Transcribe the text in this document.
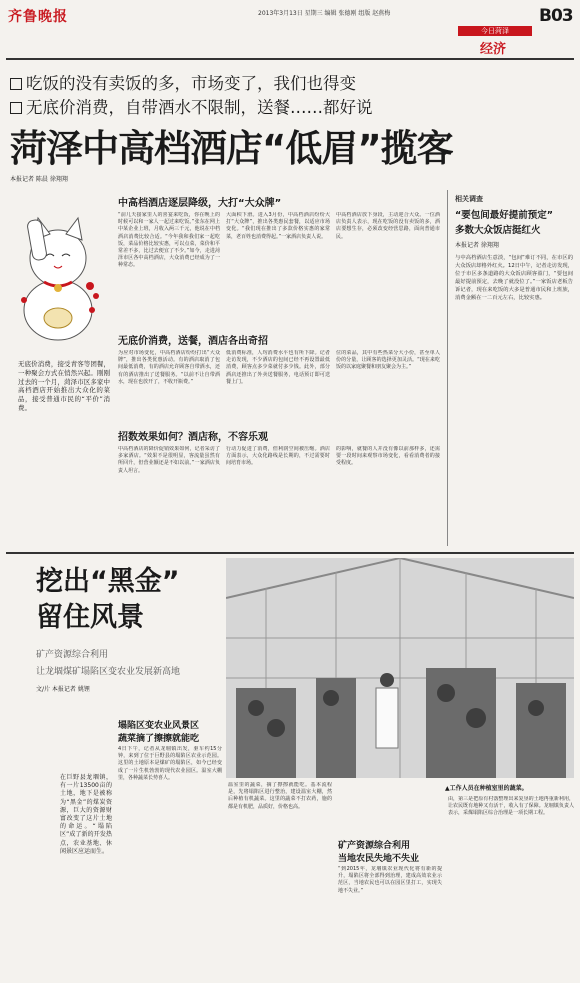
齐鲁晚报	2013年3月13日 星期三 编辑 张德刚 组版 赵燕梅	B03
今日菏泽
经济
吃饭的没有卖饭的多，市场变了，我们也得变
无底价消费，自带酒水不限制，送餐……都好说
菏泽中高档酒店“低眉”揽客
本报记者 陈晨 徐翔翔
无底价消费，接受青客等团餐，一种聚会方式在悄然兴起。刚刚过去的一个月，菏泽市区多家中高档酒店开始推出大众化的菜品，接受普通市民的“平价”消费。
中高档酒店逐层降级，大打“大众牌”
“前几天接家里人的喜宴来吃饭，你在晚上的时候可以和一家人一起过来吃饭。”张东在网上中某企业上班，月收入两三千元，他说在中档酒店消费比较合适。“今年我和我们家一起吃饭，菜品价格比较实惠，可以点菜，菜价和平常差不多，比过去便宜了不少。”如今，走进菏泽市区各中高档酒店，大众消费已经成为了一种常态。
大面积下滑。进入3月份，中高档酒店纷纷大打“大众牌”，推出各类惠民套餐，以适应市场变化。“我们现在推出了多款价格实惠的家常菜，老百姓也消费得起。”一家酒店负责人说。
中高档酒店放下身段，主动迎合大众。一位酒店负责人表示，现在吃饭的没有卖饭的多，酒店要想生存，必须改变经营思路，面向普通市民。
无底价消费，送餐，酒店各出奇招
为应对市场变化，中高档酒店纷纷打出“大众牌”，推出各类优惠活动。有的酒店取消了包间最低消费，有的酒店允许顾客自带酒水，还有的酒店推出了送餐服务。“以前不让自带酒水，现在也放开了，不收开瓶费。”
低消费标准，人均消费水平也有所下降。记者走访发现，不少酒店的包间已经不再设置最低消费，顾客点多少菜就付多少钱。此外，部分酒店还推出了外卖送餐服务，电话预订即可送餐上门。
位的菜品，其中有些热菜分大小份，甚至单人份的分量，让顾客的选择更加灵活。“现在来吃饭的以家庭聚餐和朋友聚会为主。”
招数效果如何？酒店称，不容乐观
中高档酒店的降价促销效果如何，记者采访了多家酒店。“效果不是很明显，客流量虽然有所回升，但营业额还是不如以前。”一家酒店负责人坦言。
行动力促进了消费，但利润空间被压缩。酒店方面表示，大众化路线是长期的，不过需要时间培育市场。
的影响，就餐的人并没有像以前那样多，还需要一段时间来观察市场变化，看看消费者的接受程度。
相关调查
“要包间最好提前预定”
多数大众饭店挺红火
本报记者 徐翔翔
与中高档酒店生意淡，“包间”难订不同，在市区的大众饭店却格外红火。12日中午，记者走访发现，位于市区多条道路的大众饭店顾客盈门，“要包间最好提前预定，去晚了就没位了。”一家饭店老板告诉记者，现在来吃饭的大多是普通市民和上班族，消费金额在一二百元左右，比较实惠。
挖出“黑金”
留住风景
矿产资源综合利用
让龙堌煤矿塌陷区变农业发展新高地
文/片 本报记者 姚锂
▲工作人员在种植室里的蔬菜。
在巨野县龙堌镇，有一片13500亩的土地，地下是被称为“黑金”的煤炭资源，巨大的资源财富改变了这片土地的命运。“塌陷区”成了新的开发热点，农业基地、休闲景区应运而生。
塌陷区变农业风景区
蔬菜摘了擦擦就能吃
4日下午，记者从龙堌镇出发，驱车约15分钟，来到了位于巨野县的塌陷区农业示范园。这里的土地原本是煤矿的塌陷区，如今已经变成了一片生机勃勃的现代农业园区。温室大棚里，各种蔬菜长势喜人。
温室里的蔬菜，摘了擦擦就能吃。基本流程是，先将塌陷区进行整治，建设温室大棚，然后种植有机蔬菜。这里的蔬菜不打农药，施的都是有机肥，品质好，价格也高。
矿产资源综合利用
当地农民失地不失业
“到2015年，龙堌镇农业现代化将有新的提升，塌陷区将全部得到治理，建成高效农业示范区，当地农民也可以在园区里打工，实现失地不失业。”
由，第三是把原有村落整理出来复垦的土地再重新利用，让农民既有地种又有活干，收入有了保障。龙堌镇负责人表示，采煤塌陷区综合治理是一项长期工程。
